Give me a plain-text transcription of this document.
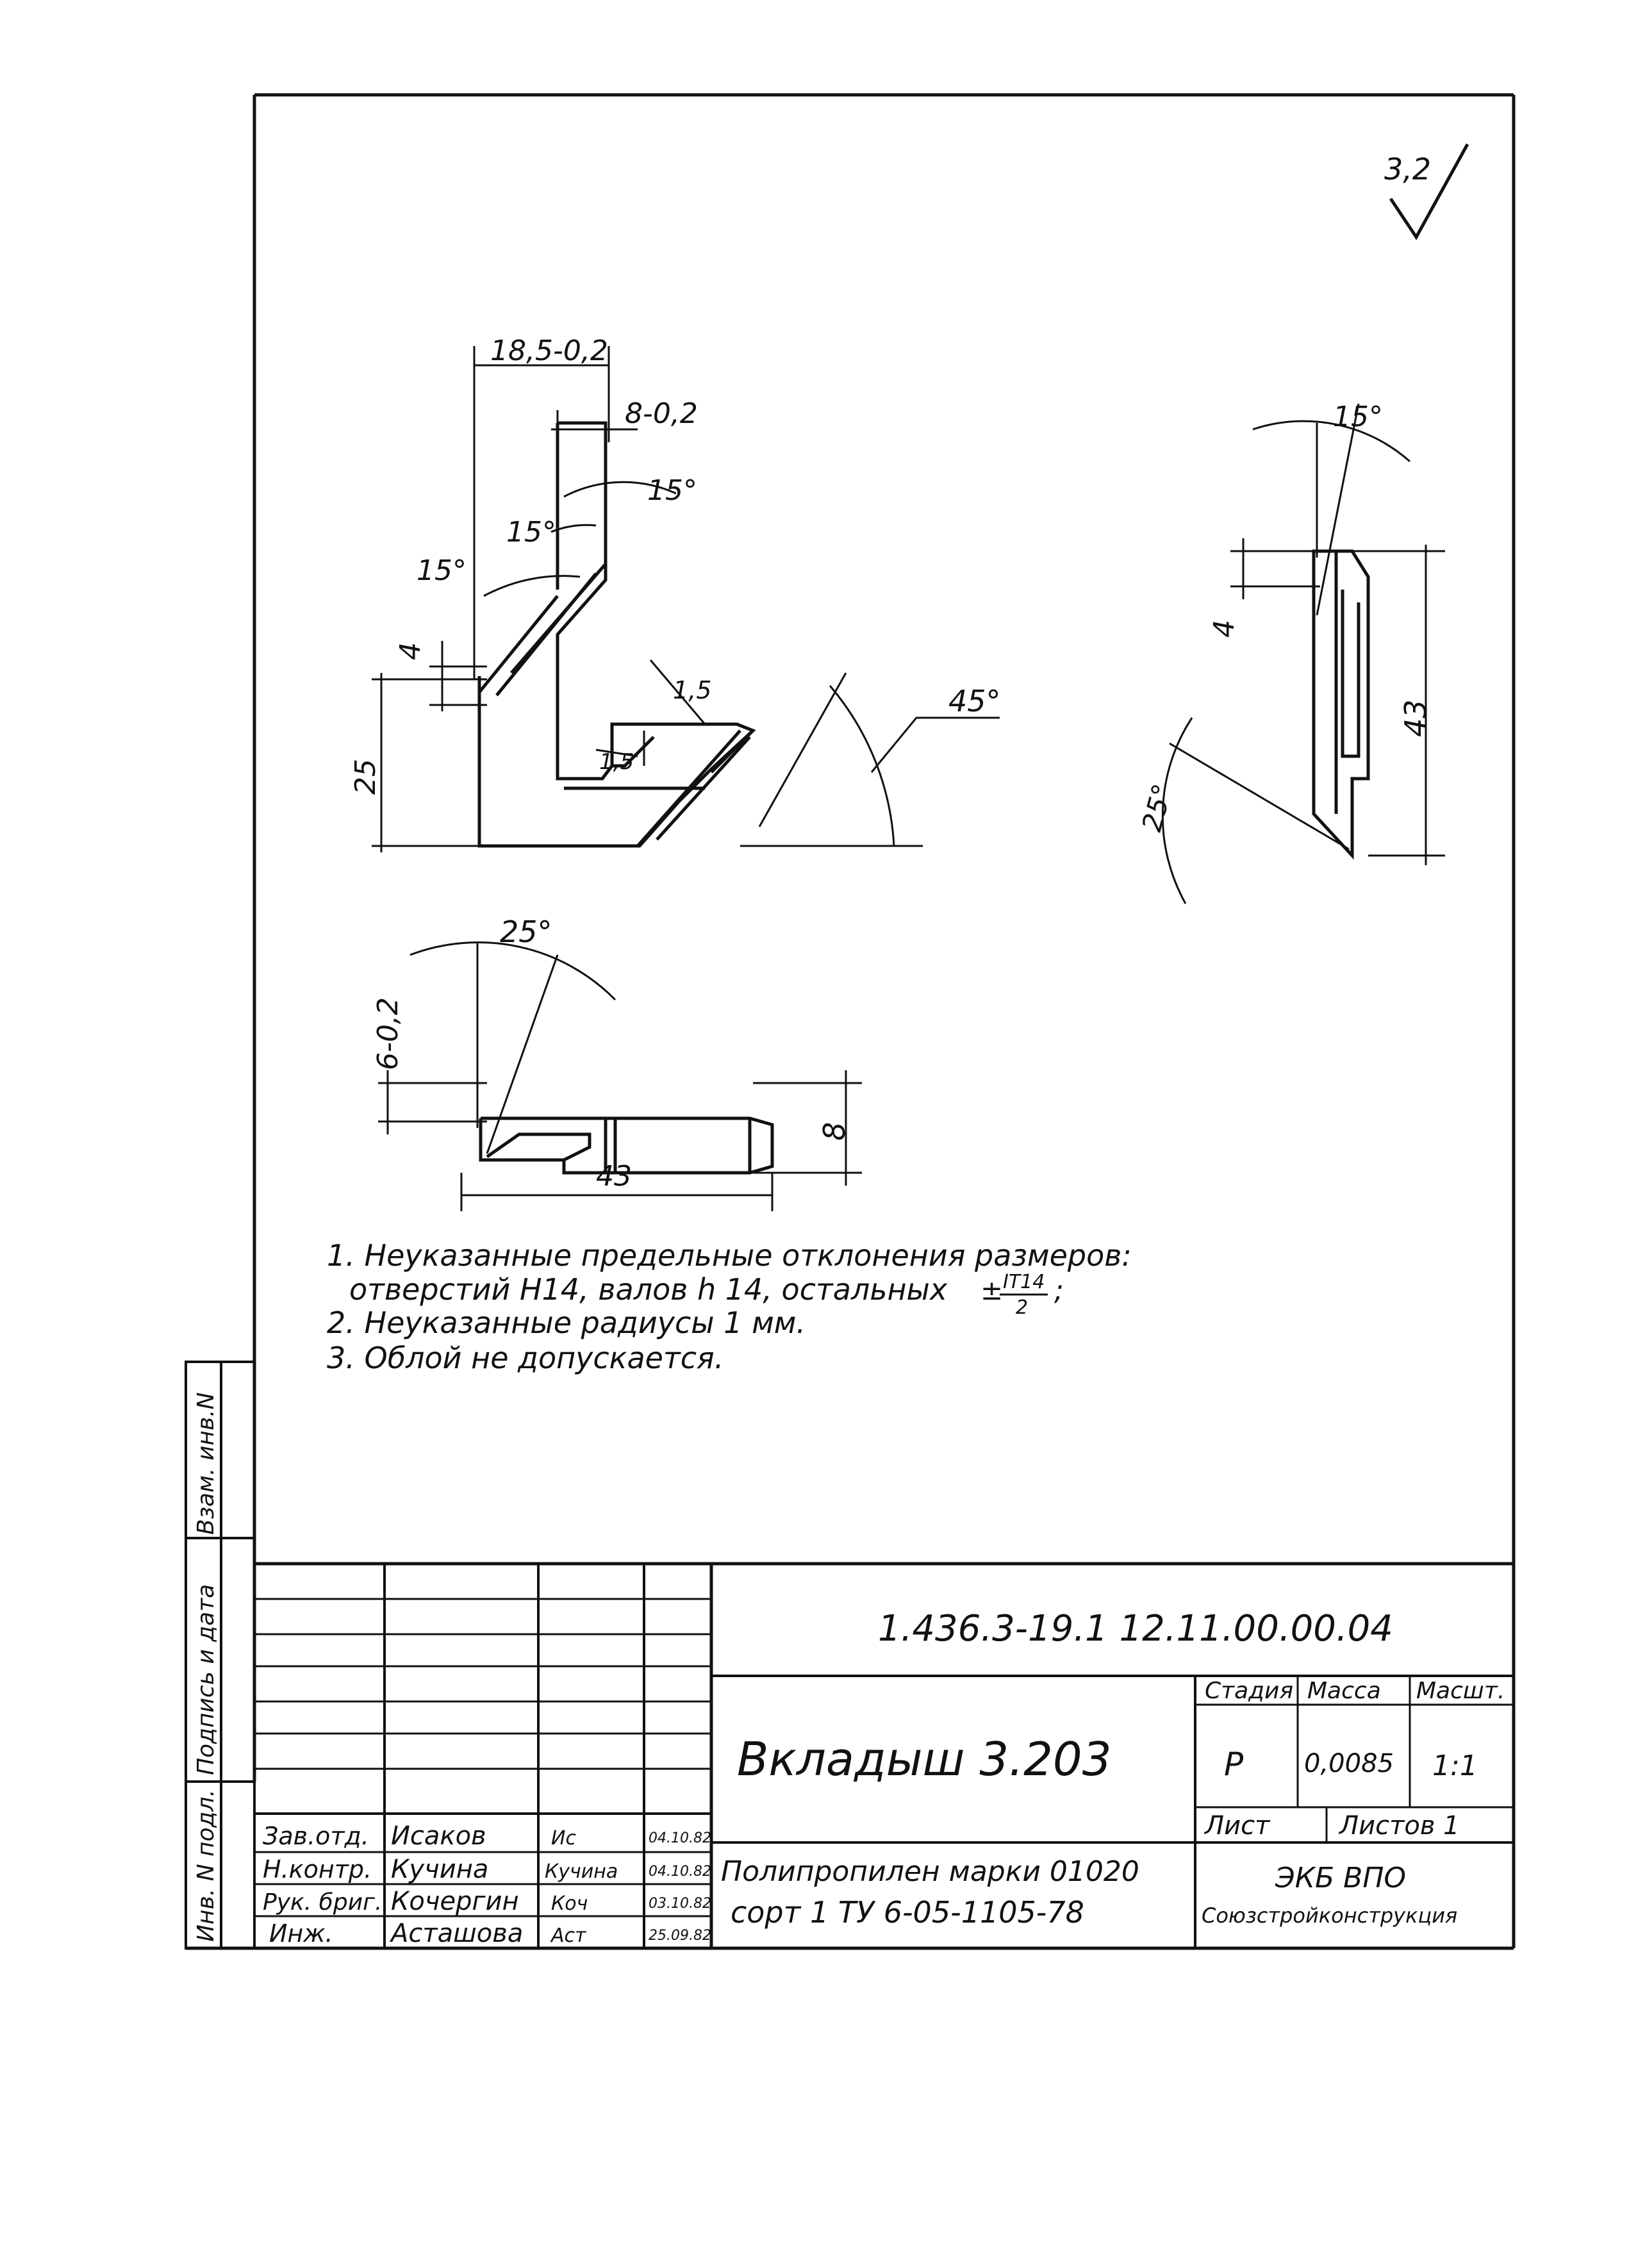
3,2
18,5-0,2
8-0,2
15°
15°
15°
4
25
1,5
1,5
45°
15°
4
43
25°
25°
6-0,2
8
43
1. Неуказанные предельные отклонения размеров:
отверстий H14, валов h 14, остальных ± IT14
2
;
2. Неуказанные радиусы 1 мм.
3. Облой не допускается.
Взам. инв.N
Подпись и дата
Инв. N подл.
1.436.3-19.1 12.11.00.00.04
Вкладыш 3.203
Стадия Масса Масшт.
Р 0,0085 1:1
Лист	Листов 1
ЭКБ ВПО
Союзстройконструкция
Полипропилен марки 01020
сорт 1 ТУ 6-05-1105-78
Зав.отд. Исаков	Ис	04.10.82
Н.контр. Кучина	Кучина 04.10.82
Рук. бриг. Кочергин Коч	03.10.82
Инж. Асташова Аст	25.09.82
